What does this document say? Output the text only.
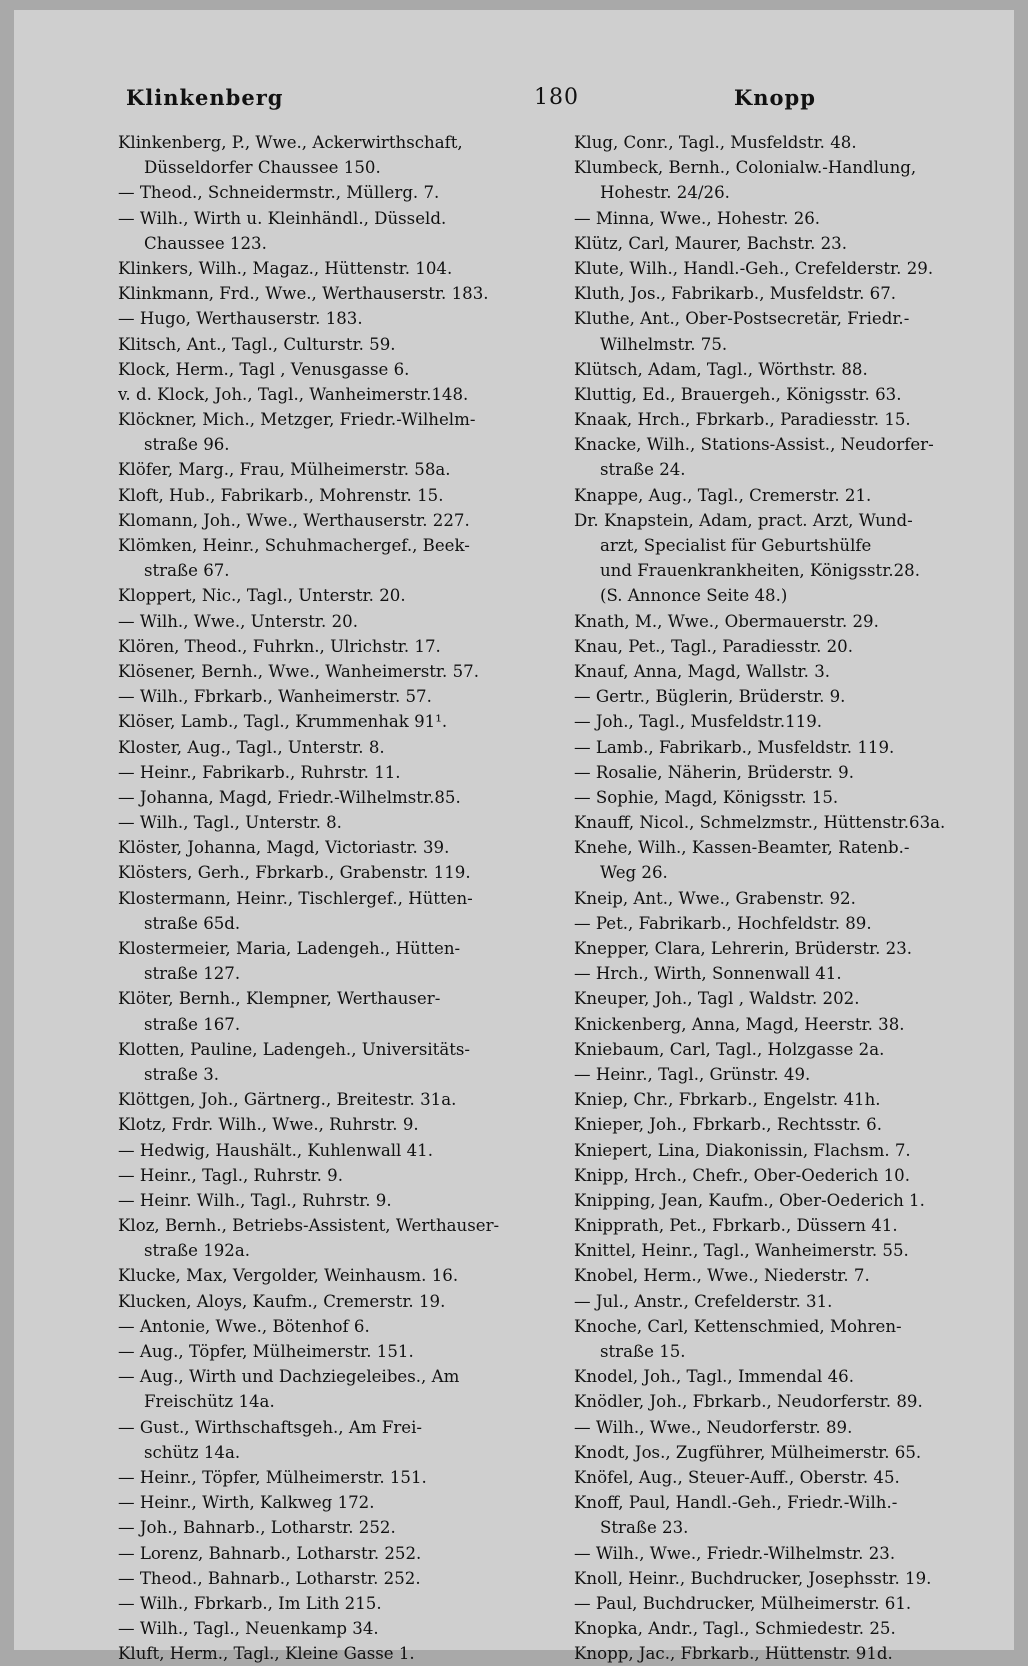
Klinkenberg	180	Knopp
Klinkenberg, P., Wwe., Ackerwirthschaft,
Düsseldorfer Chaussee 150.
— Theod., Schneidermstr., Müllerg. 7.
— Wilh., Wirth u. Kleinhändl., Düsseld.
Chaussee 123.
Klinkers, Wilh., Magaz., Hüttenstr. 104.
Klinkmann, Frd., Wwe., Werthauserstr. 183.
— Hugo, Werthauserstr. 183.
Klitsch, Ant., Tagl., Culturstr. 59.
Klock, Herm., Tagl , Venusgasse 6.
v. d. Klock, Joh., Tagl., Wanheimerstr.148.
Klöckner, Mich., Metzger, Friedr.-Wilhelm-
straße 96.
Klöfer, Marg., Frau, Mülheimerstr. 58a.
Kloft, Hub., Fabrikarb., Mohrenstr. 15.
Klomann, Joh., Wwe., Werthauserstr. 227.
Klömken, Heinr., Schuhmachergef., Beek-
straße 67.
Kloppert, Nic., Tagl., Unterstr. 20.
— Wilh., Wwe., Unterstr. 20.
Klören, Theod., Fuhrkn., Ulrichstr. 17.
Klösener, Bernh., Wwe., Wanheimerstr. 57.
— Wilh., Fbrkarb., Wanheimerstr. 57.
Klöser, Lamb., Tagl., Krummenhak 91¹.
Kloster, Aug., Tagl., Unterstr. 8.
— Heinr., Fabrikarb., Ruhrstr. 11.
— Johanna, Magd, Friedr.-Wilhelmstr.85.
— Wilh., Tagl., Unterstr. 8.
Klöster, Johanna, Magd, Victoriastr. 39.
Klösters, Gerh., Fbrkarb., Grabenstr. 119.
Klostermann, Heinr., Tischlergef., Hütten-
straße 65d.
Klostermeier, Maria, Ladengeh., Hütten-
straße 127.
Klöter, Bernh., Klempner, Werthauser-
straße 167.
Klotten, Pauline, Ladengeh., Universitäts-
straße 3.
Klöttgen, Joh., Gärtnerg., Breitestr. 31a.
Klotz, Frdr. Wilh., Wwe., Ruhrstr. 9.
— Hedwig, Haushält., Kuhlenwall 41.
— Heinr., Tagl., Ruhrstr. 9.
— Heinr. Wilh., Tagl., Ruhrstr. 9.
Kloz, Bernh., Betriebs-Assistent, Werthauser-
straße 192a.
Klucke, Max, Vergolder, Weinhausm. 16.
Klucken, Aloys, Kaufm., Cremerstr. 19.
— Antonie, Wwe., Bötenhof 6.
— Aug., Töpfer, Mülheimerstr. 151.
— Aug., Wirth und Dachziegeleibes., Am
Freischütz 14a.
— Gust., Wirthschaftsgeh., Am Frei-
schütz 14a.
— Heinr., Töpfer, Mülheimerstr. 151.
— Heinr., Wirth, Kalkweg 172.
— Joh., Bahnarb., Lotharstr. 252.
— Lorenz, Bahnarb., Lotharstr. 252.
— Theod., Bahnarb., Lotharstr. 252.
— Wilh., Fbrkarb., Im Lith 215.
— Wilh., Tagl., Neuenkamp 34.
Kluft, Herm., Tagl., Kleine Gasse 1.
Klug, Conr., Tagl., Musfeldstr. 48.
Klumbeck, Bernh., Colonialw.-Handlung,
Hohestr. 24/26.
— Minna, Wwe., Hohestr. 26.
Klütz, Carl, Maurer, Bachstr. 23.
Klute, Wilh., Handl.-Geh., Crefelderstr. 29.
Kluth, Jos., Fabrikarb., Musfeldstr. 67.
Kluthe, Ant., Ober-Postsecretär, Friedr.-
Wilhelmstr. 75.
Klütsch, Adam, Tagl., Wörthstr. 88.
Kluttig, Ed., Brauergeh., Königsstr. 63.
Knaak, Hrch., Fbrkarb., Paradiesstr. 15.
Knacke, Wilh., Stations-Assist., Neudorfer-
straße 24.
Knappe, Aug., Tagl., Cremerstr. 21.
Dr. Knapstein, Adam, pract. Arzt, Wund-
arzt, Specialist für Geburtshülfe
und Frauenkrankheiten, Königsstr.28.
(S. Annonce Seite 48.)
Knath, M., Wwe., Obermauerstr. 29.
Knau, Pet., Tagl., Paradiesstr. 20.
Knauf, Anna, Magd, Wallstr. 3.
— Gertr., Büglerin, Brüderstr. 9.
— Joh., Tagl., Musfeldstr.119.
— Lamb., Fabrikarb., Musfeldstr. 119.
— Rosalie, Näherin, Brüderstr. 9.
— Sophie, Magd, Königsstr. 15.
Knauff, Nicol., Schmelzmstr., Hüttenstr.63a.
Knehe, Wilh., Kassen-Beamter, Ratenb.-
Weg 26.
Kneip, Ant., Wwe., Grabenstr. 92.
— Pet., Fabrikarb., Hochfeldstr. 89.
Knepper, Clara, Lehrerin, Brüderstr. 23.
— Hrch., Wirth, Sonnenwall 41.
Kneuper, Joh., Tagl , Waldstr. 202.
Knickenberg, Anna, Magd, Heerstr. 38.
Kniebaum, Carl, Tagl., Holzgasse 2a.
— Heinr., Tagl., Grünstr. 49.
Kniep, Chr., Fbrkarb., Engelstr. 41h.
Knieper, Joh., Fbrkarb., Rechtsstr. 6.
Kniepert, Lina, Diakonissin, Flachsm. 7.
Knipp, Hrch., Chefr., Ober-Oederich 10.
Knipping, Jean, Kaufm., Ober-Oederich 1.
Knipprath, Pet., Fbrkarb., Düssern 41.
Knittel, Heinr., Tagl., Wanheimerstr. 55.
Knobel, Herm., Wwe., Niederstr. 7.
— Jul., Anstr., Crefelderstr. 31.
Knoche, Carl, Kettenschmied, Mohren-
straße 15.
Knodel, Joh., Tagl., Immendal 46.
Knödler, Joh., Fbrkarb., Neudorferstr. 89.
— Wilh., Wwe., Neudorferstr. 89.
Knodt, Jos., Zugführer, Mülheimerstr. 65.
Knöfel, Aug., Steuer-Auff., Oberstr. 45.
Knoff, Paul, Handl.-Geh., Friedr.-Wilh.-
Straße 23.
— Wilh., Wwe., Friedr.-Wilhelmstr. 23.
Knoll, Heinr., Buchdrucker, Josephsstr. 19.
— Paul, Buchdrucker, Mülheimerstr. 61.
Knopka, Andr., Tagl., Schmiedestr. 25.
Knopp, Jac., Fbrkarb., Hüttenstr. 91d.
